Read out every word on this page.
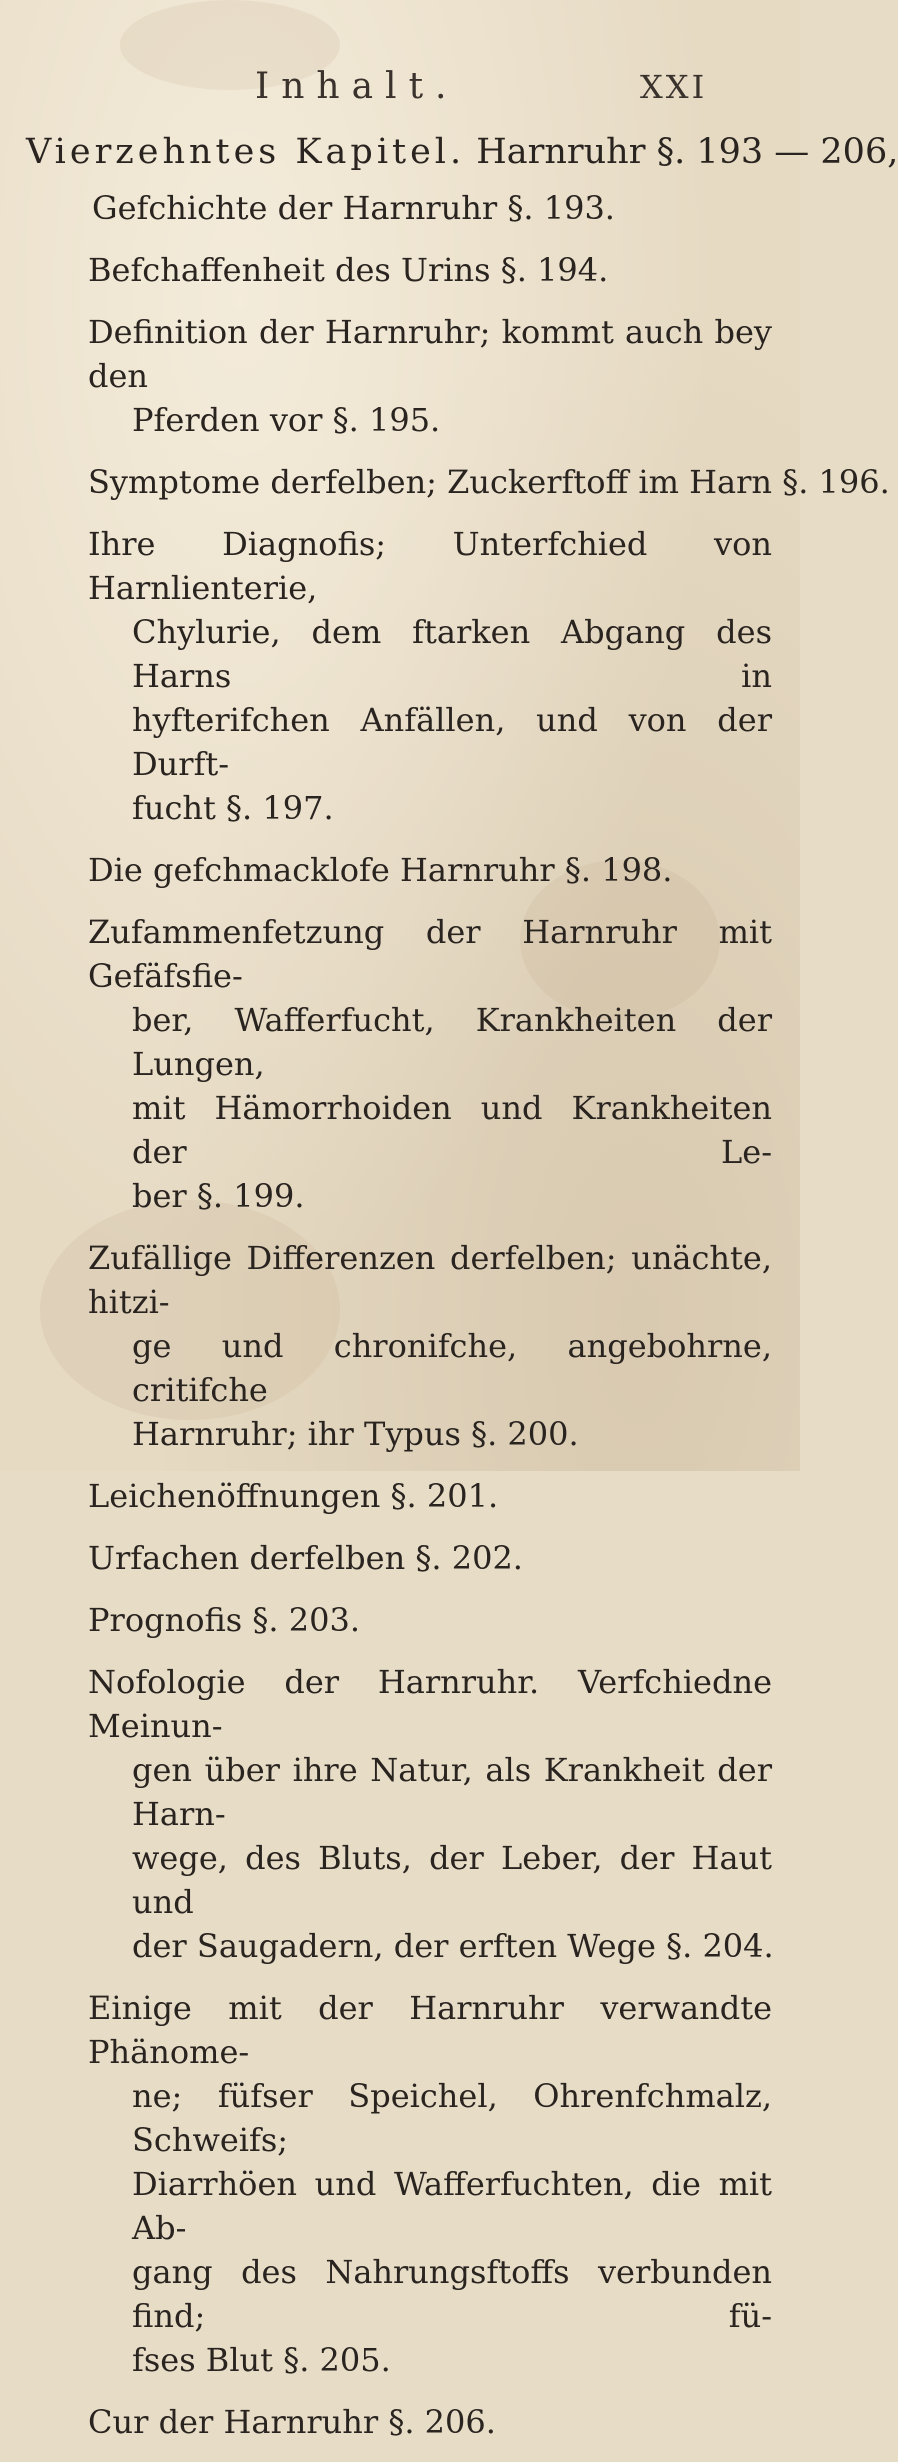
Inhalt.	XXI
Vierzehntes Kapitel. Harnruhr §. 193 — 206,
Gefchichte der Harnruhr §. 193.
Befchaffenheit des Urins §. 194.
Definition der Harnruhr; kommt auch bey den
Pferden vor §. 195.
Symptome derfelben; Zuckerftoff im Harn §. 196.
Ihre Diagnofis; Unterfchied von Harnlienterie,
Chylurie, dem ftarken Abgang des Harns in
hyfterifchen Anfällen, und von der Durft-
fucht §. 197.
Die gefchmacklofe Harnruhr §. 198.
Zufammenfetzung der Harnruhr mit Gefäfsfie-
ber, Wafferfucht, Krankheiten der Lungen,
mit Hämorrhoiden und Krankheiten der Le-
ber §. 199.
Zufällige Differenzen derfelben; unächte, hitzi-
ge und chronifche, angebohrne, critifche
Harnruhr; ihr Typus §. 200.
Leichenöffnungen §. 201.
Urfachen derfelben §. 202.
Prognofis §. 203.
Nofologie der Harnruhr. Verfchiedne Meinun-
gen über ihre Natur, als Krankheit der Harn-
wege, des Bluts, der Leber, der Haut und
der Saugadern, der erften Wege §. 204.
Einige mit der Harnruhr verwandte Phänome-
ne; füfser Speichel, Ohrenfchmalz, Schweifs;
Diarrhöen und Wafferfuchten, die mit Ab-
gang des Nahrungsftoffs verbunden find; fü-
fses Blut §. 205.
Cur der Harnruhr §. 206.
